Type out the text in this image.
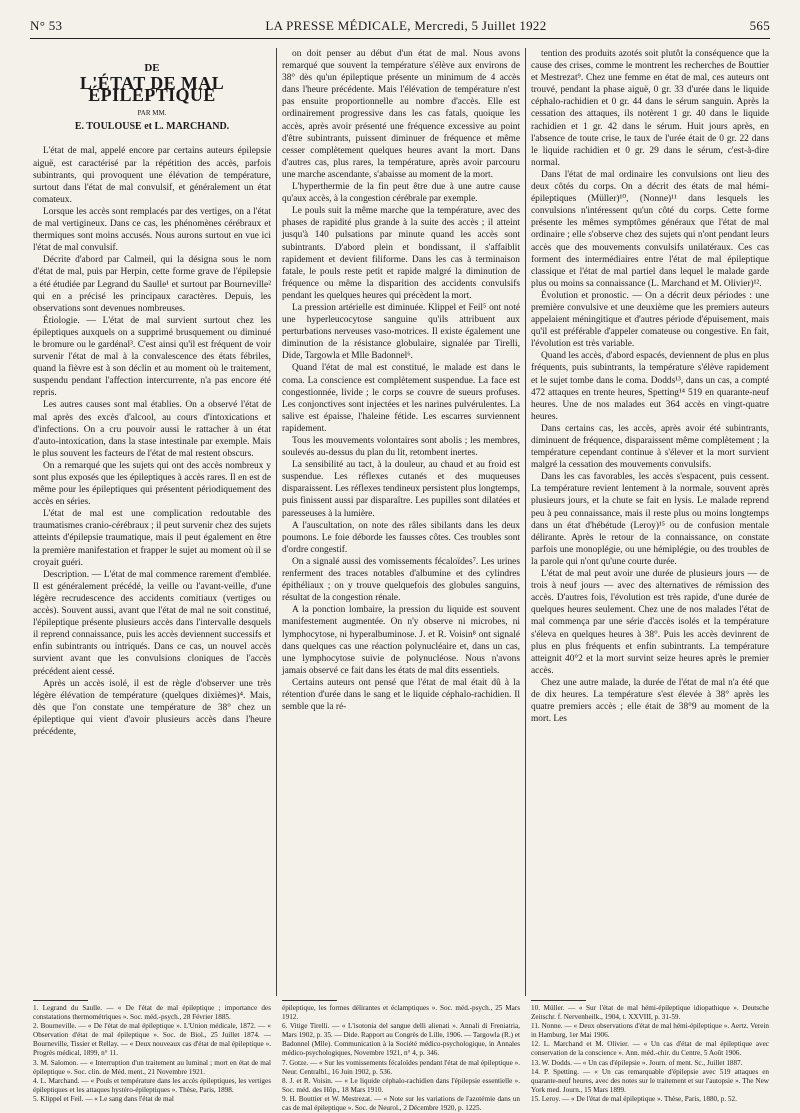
N° 53	LA PRESSE MÉDICALE, Mercredi, 5 Juillet 1922	565
DE
L'ÉTAT DE MAL ÉPILEPTIQUE
PAR MM.
E. TOULOUSE et L. MARCHAND.

L'état de mal, appelé encore par certains auteurs épilepsie aiguë, est caractérisé par la répétition des accès, parfois subintrants, qui provoquent une élévation de température, surtout dans l'état de mal convulsif, et généralement un état comateux.

Lorsque les accès sont remplacés par des vertiges, on a l'état de mal vertigineux. Dans ce cas, les phénomènes cérébraux et thermiques sont moins accusés. Nous aurons surtout en vue ici l'état de mal convulsif.

Décrite d'abord par Calmeil, qui la désigna sous le nom d'état de mal, puis par Herpin, cette forme grave de l'épilepsie a été étudiée par Legrand du Saulle¹ et surtout par Bourneville² qui en a précisé les principaux caractères. Depuis, les observations sont devenues nombreuses.

Étiologie. — L'état de mal survient surtout chez les épileptiques auxquels on a supprimé brusquement ou diminué le bromure ou le gardénal³. C'est ainsi qu'il est fréquent de voir survenir l'état de mal à la convalescence des états fébriles, quand la fièvre est à son déclin et au moment où le traitement, suspendu pendant l'affection intercurrente, n'a pas encore été repris.

Les autres causes sont mal établies. On a observé l'état de mal après des excès d'alcool, au cours d'intoxications et d'infections. On a cru pouvoir aussi le rattacher à un état d'auto-intoxication, dans la stase intestinale par exemple. Mais le plus souvent les facteurs de l'état de mal restent obscurs.

On a remarqué que les sujets qui ont des accès nombreux y sont plus exposés que les épileptiques à accès rares. Il en est de même pour les épileptiques qui présentent périodiquement des accès en séries.

L'état de mal est une complication redoutable des traumatismes cranio-cérébraux ; il peut survenir chez des sujets atteints d'épilepsie traumatique, mais il peut également en être la première manifestation et frapper le sujet au moment où il se croyait guéri.

Description. — L'état de mal commence rarement d'emblée. Il est généralement précédé, la veille ou l'avant-veille, d'une légère recrudescence des accidents comitiaux (vertiges ou accès). Souvent aussi, avant que l'état de mal ne soit constitué, l'épileptique présente plusieurs accès dans l'intervalle desquels il reprend connaissance, puis les accès deviennent successifs et enfin subintrants ou intriqués. Dans ce cas, un nouvel accès survient avant que les convulsions cloniques de l'accès précédent aient cessé.

Après un accès isolé, il est de règle d'observer une très légère élévation de température (quelques dixièmes)⁴. Mais, dès que l'on constate une température de 38° chez un épileptique qui vient d'avoir plusieurs accès dans l'heure précédente,

on doit penser au début d'un état de mal. Nous avons remarqué que souvent la température s'élève aux environs de 38° dès qu'un épileptique présente un minimum de 4 accès dans l'heure précédente. Mais l'élévation de température n'est pas ensuite proportionnelle au nombre d'accès. Elle est ordinairement progressive dans les cas fatals, quoique les accès, après avoir présenté une fréquence excessive au point d'être subintrants, puissent diminuer de fréquence et même cesser complètement quelques heures avant la mort. Dans d'autres cas, plus rares, la température, après avoir parcouru une marche ascendante, s'abaisse au moment de la mort.

L'hyperthermie de la fin peut être due à une autre cause qu'aux accès, à la congestion cérébrale par exemple.

Le pouls suit la même marche que la température, avec des phases de rapidité plus grande à la suite des accès ; il atteint jusqu'à 140 pulsations par minute quand les accès sont subintrants. D'abord plein et bondissant, il s'affaiblit rapidement et devient filiforme. Dans les cas à terminaison fatale, le pouls reste petit et rapide malgré la diminution de fréquence ou même la disparition des accidents convulsifs pendant les quelques heures qui précèdent la mort.

La pression artérielle est diminuée. Klippel et Feil⁵ ont noté une hyperleucocytose sanguine qu'ils attribuent aux perturbations nerveuses vaso-motrices. Il existe également une diminution de la résistance globulaire, signalée par Tirelli, Dide, Targowla et Mlle Badonnel⁶.

Quand l'état de mal est constitué, le malade est dans le coma. La conscience est complètement suspendue. La face est congestionnée, livide ; le corps se couvre de sueurs profuses. Les conjonctives sont injectées et les narines pulvérulentes. La salive est épaisse, l'haleine fétide. Les escarres surviennent rapidement.

Tous les mouvements volontaires sont abolis ; les membres, soulevés au-dessus du plan du lit, retombent inertes.

La sensibilité au tact, à la douleur, au chaud et au froid est suspendue. Les réflexes cutanés et des muqueuses disparaissent. Les réflexes tendineux persistent plus longtemps, puis finissent aussi par disparaître. Les pupilles sont dilatées et paresseuses à la lumière.

A l'auscultation, on note des râles sibilants dans les deux poumons. Le foie déborde les fausses côtes. Ces troubles sont d'ordre congestif.

On a signalé aussi des vomissements fécaloïdes⁷. Les urines renferment des traces notables d'albumine et des cylindres épithéliaux ; on y trouve quelquefois des globules sanguins, résultat de la congestion rénale.

A la ponction lombaire, la pression du liquide est souvent manifestement augmentée. On n'y observe ni microbes, ni lymphocytose, ni hyperalbuminose. J. et R. Voisin⁸ ont signalé dans quelques cas une réaction polynucléaire et, dans un cas, une lymphocytose suivie de polynucléose. Nous n'avons jamais observé ce fait dans les états de mal dits essentiels.

Certains auteurs ont pensé que l'état de mal était dû à la rétention d'urée dans le sang et le liquide céphalo-rachidien. Il semble que la ré-

tention des produits azotés soit plutôt la conséquence que la cause des crises, comme le montrent les recherches de Bouttier et Mestrezat⁹. Chez une femme en état de mal, ces auteurs ont trouvé, pendant la phase aiguë, 0 gr. 33 d'urée dans le liquide céphalo-rachidien et 0 gr. 44 dans le sérum sanguin. Après la cessation des attaques, ils notèrent 1 gr. 40 dans le liquide rachidien et 1 gr. 42 dans le sérum. Huit jours après, en l'absence de toute crise, le taux de l'urée était de 0 gr. 22 dans le liquide rachidien et 0 gr. 29 dans le sérum, c'est-à-dire normal.

Dans l'état de mal ordinaire les convulsions ont lieu des deux côtés du corps. On a décrit des états de mal hémi-épileptiques (Müller)¹⁰, (Nonne)¹¹ dans lesquels les convulsions n'intéressent qu'un côté du corps. Cette forme présente les mêmes symptômes généraux que l'état de mal ordinaire ; elle s'observe chez des sujets qui n'ont pendant leurs accès que des mouvements convulsifs unilatéraux. Ces cas forment des intermédiaires entre l'état de mal épileptique classique et l'état de mal partiel dans lequel le malade garde plus ou moins sa connaissance (L. Marchand et M. Olivier)¹².

Évolution et pronostic. — On a décrit deux périodes : une première convulsive et une deuxième que les premiers auteurs appelaient méningitique et d'autres période d'épuisement, mais qu'il est préférable d'appeler comateuse ou congestive. En fait, l'évolution est très variable.

Quand les accès, d'abord espacés, deviennent de plus en plus fréquents, puis subintrants, la température s'élève rapidement et le sujet tombe dans le coma. Dodds¹³, dans un cas, a compté 472 attaques en trente heures, Spetting¹⁴ 519 en quarante-neuf heures. Une de nos malades eut 364 accès en vingt-quatre heures.

Dans certains cas, les accès, après avoir été subintrants, diminuent de fréquence, disparaissent même complètement ; la température cependant continue à s'élever et la mort survient malgré la cessation des mouvements convulsifs.

Dans les cas favorables, les accès s'espacent, puis cessent. La température revient lentement à la normale, souvent après plusieurs jours, et la chute se fait en lysis. Le malade reprend peu à peu connaissance, mais il reste plus ou moins longtemps dans un état d'hébétude (Leroy)¹⁵ ou de confusion mentale délirante. Après le retour de la connaissance, on constate parfois une monoplégie, ou une hémiplégie, ou des troubles de la parole qui n'ont qu'une courte durée.

L'état de mal peut avoir une durée de plusieurs jours — de trois à neuf jours — avec des alternatives de rémission des accès. D'autres fois, l'évolution est très rapide, d'une durée de quelques heures seulement. Chez une de nos malades l'état de mal commença par une série d'accès isolés et la température s'éleva en quelques heures à 38°. Puis les accès devinrent de plus en plus fréquents et enfin subintrants. La température atteignit 40°2 et la mort survint seize heures après le premier accès.

Chez une autre malade, la durée de l'état de mal n'a été que de dix heures. La température s'est élevée à 38° après les quatre premiers accès ; elle était de 38°9 au moment de la mort. Les

1. Legrand du Saulle. — « De l'état de mal épileptique ; importance des constatations thermométriques ». Soc. méd.-psych., 28 Février 1885.

2. Bourneville. — « De l'état de mal épileptique ». L'Union médicale, 1872. — « Observation d'état de mal épileptique ». Soc. de Biol., 25 Juillet 1874. — Bourneville, Tissier et Rellay. — « Deux nouveaux cas d'état de mal épileptique ». Progrès médical, 1899, n° 11.

3. M. Salomon. — « Interruption d'un traitement au luminal ; mort en état de mal épileptique ». Soc. clin. de Méd. ment., 21 Novembre 1921.

4. L. Marchand. — « Pouls et température dans les accès épileptiques, les vertiges épileptiques et les attaques hystéro-épileptiques ». Thèse, Paris, 1898.

5. Klippel et Feil. — « Le sang dans l'état de mal

épileptique, les formes délirantes et éclamptiques ». Soc. méd.-psych., 25 Mars 1912.

6. Vitige Tirelli. — « L'isotonia del sangue delli alienati ». Annali di Freniatria, Mars 1902, p. 35. — Dide. Rapport au Congrès de Lille, 1906. — Targowla (R.) et Badonnel (Mlle). Communication à la Société médico-psychologique, in Annales médico-psychologiques, Novembre 1921, n° 4, p. 346.

7. Gotze. — « Sur les vomissements fécaloïdes pendant l'état de mal épileptique ». Neur. Centralbl., 16 Juin 1902, p. 536.

8. J. et R. Voisin. — « Le liquide céphalo-rachidien dans l'épilepsie essentielle ». Soc. méd. des Hôp., 18 Mars 1910.

9. H. Bouttier et W. Mestrezat. — « Note sur les variations de l'azotémie dans un cas de mal épileptique ». Soc. de Neurol., 2 Décembre 1920, p. 1225.

10. Müller. — « Sur l'état de mal hémi-épileptique idiopathique ». Deutsche Zeitschr. f. Nervenheilk., 1904, t. XXVIII, p. 31-59.

11. Nonne. — « Deux observations d'état de mal hémi-épileptique ». Aertz. Verein in Hamburg, 1er Mai 1906.

12. L. Marchand et M. Olivier. — « Un cas d'état de mal épileptique avec conservation de la conscience ». Ann. méd.-chir. du Centre, 5 Août 1906.

13. W. Dodds. — « Un cas d'épilepsie ». Journ. of ment. Sc., Juillet 1887.

14. P. Spetting. — « Un cas remarquable d'épilepsie avec 519 attaques en quarante-neuf heures, avec des notes sur le traitement et sur l'autopsie ». The New York med. Journ., 15 Mars 1899.

15. Leroy. — « De l'état de mal épileptique ». Thèse, Paris, 1880, p. 52.
